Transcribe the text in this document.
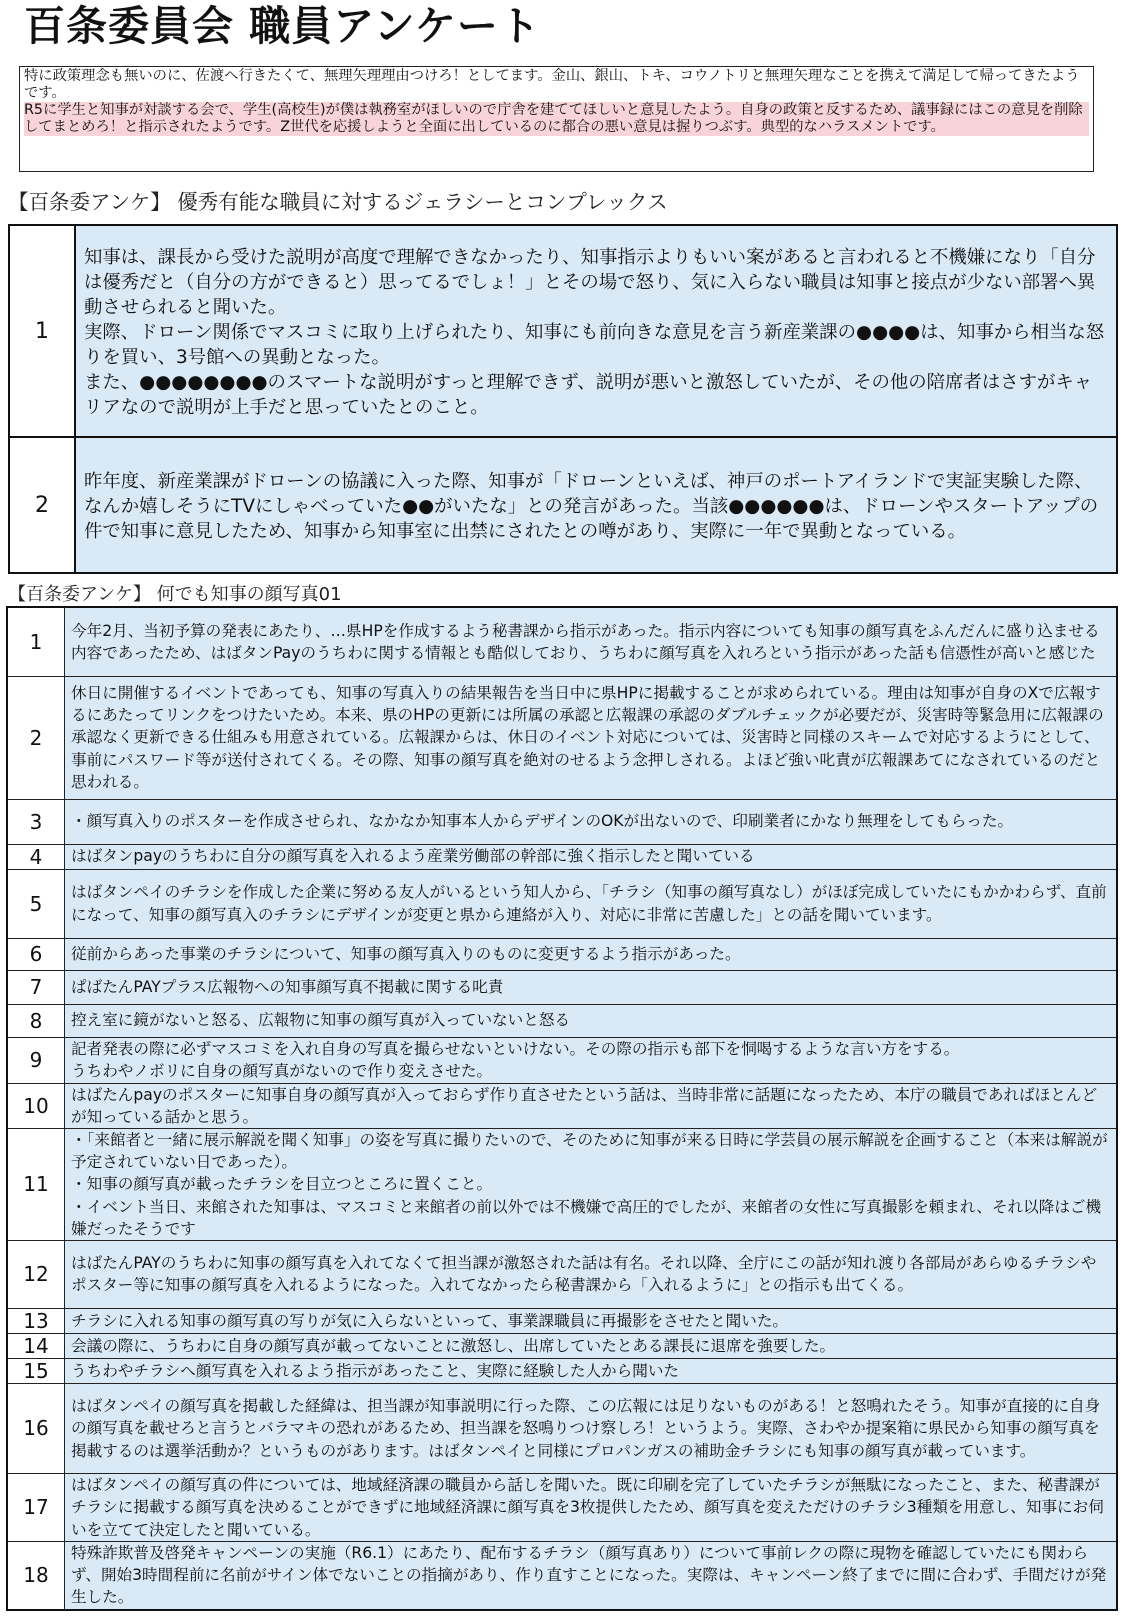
百条委員会 職員アンケート

特に政策理念も無いのに、佐渡へ行きたくて、無理矢理理由つけろ！としてます。金山、銀山、トキ、コウノトリと無理矢理なことを携えて満足して帰ってきたようです。

R5に学生と知事が対談する会で、学生(高校生)が僕は執務室がほしいので庁舎を建ててほしいと意見したよう。自身の政策と反するため、議事録にはこの意見を削除してまとめろ！と指示されたようです。Z世代を応援しようと全面に出しているのに都合の悪い意見は握りつぶす。典型的なハラスメントです。

【百条委アンケ】 優秀有能な職員に対するジェラシーとコンプレックス
1	知事は、課長から受けた説明が高度で理解できなかったり、知事指示よりもいい案があると言われると不機嫌になり「自分は優秀だと（自分の方ができると）思ってるでしょ！」とその場で怒り、気に入らない職員は知事と接点が少ない部署へ異動させられると聞いた。
実際、ドローン関係でマスコミに取り上げられたり、知事にも前向きな意見を言う新産業課の●●●●は、知事から相当な怒りを買い、3号館への異動となった。
また、●●●●●●●●のスマートな説明がすっと理解できず、説明が悪いと激怒していたが、その他の陪席者はさすがキャリアなので説明が上手だと思っていたとのこと。

2	昨年度、新産業課がドローンの協議に入った際、知事が「ドローンといえば、神戸のポートアイランドで実証実験した際、なんか嬉しそうにTVにしゃべっていた●●がいたな」との発言があった。当該●●●●●●は、ドローンやスタートアップの件で知事に意見したため、知事から知事室に出禁にされたとの噂があり、実際に一年で異動となっている。
【百条委アンケ】 何でも知事の顔写真01
1	今年2月、当初予算の発表にあたり、…県HPを作成するよう秘書課から指示があった。指示内容についても知事の顔写真をふんだんに盛り込ませる内容であったため、はばタンPayのうちわに関する情報とも酷似しており、うちわに顔写真を入れろという指示があった話も信憑性が高いと感じた

2	休日に開催するイベントであっても、知事の写真入りの結果報告を当日中に県HPに掲載することが求められている。理由は知事が自身のXで広報するにあたってリンクをつけたいため。本来、県のHPの更新には所属の承認と広報課の承認のダブルチェックが必要だが、災害時等緊急用に広報課の承認なく更新できる仕組みも用意されている。広報課からは、休日のイベント対応については、災害時と同様のスキームで対応するようにとして、事前にパスワード等が送付されてくる。その際、知事の顔写真を絶対のせるよう念押しされる。よほど強い叱責が広報課あてになされているのだと思われる。

3	・顔写真入りのポスターを作成させられ、なかなか知事本人からデザインのOKが出ないので、印刷業者にかなり無理をしてもらった。

4	はばタンpayのうちわに自分の顔写真を入れるよう産業労働部の幹部に強く指示したと聞いている

5	はばタンペイのチラシを作成した企業に努める友人がいるという知人から、「チラシ（知事の顔写真なし）がほぼ完成していたにもかかわらず、直前になって、知事の顔写真入のチラシにデザインが変更と県から連絡が入り、対応に非常に苦慮した」との話を聞いています。

6	従前からあった事業のチラシについて、知事の顔写真入りのものに変更するよう指示があった。

7	ぱばたんPAYプラス広報物への知事顔写真不掲載に関する叱責

8	控え室に鏡がないと怒る、広報物に知事の顔写真が入っていないと怒る

9	記者発表の際に必ずマスコミを入れ自身の写真を撮らせないといけない。その際の指示も部下を恫喝するような言い方をする。
うちわやノボリに自身の顔写真がないので作り変えさせた。

10	はばたんpayのポスターに知事自身の顔写真が入っておらず作り直させたという話は、当時非常に話題になったため、本庁の職員であればほとんどが知っている話かと思う。

11	・「来館者と一緒に展示解説を聞く知事」の姿を写真に撮りたいので、そのために知事が来る日時に学芸員の展示解説を企画すること（本来は解説が予定されていない日であった）。
・知事の顔写真が載ったチラシを目立つところに置くこと。
・イベント当日、来館された知事は、マスコミと来館者の前以外では不機嫌で高圧的でしたが、来館者の女性に写真撮影を頼まれ、それ以降はご機嫌だったそうです

12	はばたんPAYのうちわに知事の顔写真を入れてなくて担当課が激怒された話は有名。それ以降、全庁にこの話が知れ渡り各部局があらゆるチラシやポスター等に知事の顔写真を入れるようになった。入れてなかったら秘書課から「入れるように」との指示も出てくる。

13	チラシに入れる知事の顔写真の写りが気に入らないといって、事業課職員に再撮影をさせたと聞いた。

14	会議の際に、うちわに自身の顔写真が載ってないことに激怒し、出席していたとある課長に退席を強要した。

15	うちわやチラシへ顔写真を入れるよう指示があったこと、実際に経験した人から聞いた

16	はばタンペイの顔写真を掲載した経緯は、担当課が知事説明に行った際、この広報には足りないものがある！と怒鳴れたそう。知事が直接的に自身の顔写真を載せろと言うとバラマキの恐れがあるため、担当課を怒鳴りつけ察しろ！というよう。実際、さわやか提案箱に県民から知事の顔写真を掲載するのは選挙活動か？というものがあります。はばタンペイと同様にプロパンガスの補助金チラシにも知事の顔写真が載っています。

17	はばタンペイの顔写真の件については、地域経済課の職員から話しを聞いた。既に印刷を完了していたチラシが無駄になったこと、また、秘書課がチラシに掲載する顔写真を決めることができずに地域経済課に顔写真を3枚提供したため、顔写真を変えただけのチラシ3種類を用意し、知事にお伺いを立てて決定したと聞いている。

18	特殊詐欺普及啓発キャンペーンの実施（R6.1）にあたり、配布するチラシ（顔写真あり）について事前レクの際に現物を確認していたにも関わらず、開始3時間程前に名前がサイン体でないことの指摘があり、作り直すことになった。実際は、キャンペーン終了までに間に合わず、手間だけが発生した。
